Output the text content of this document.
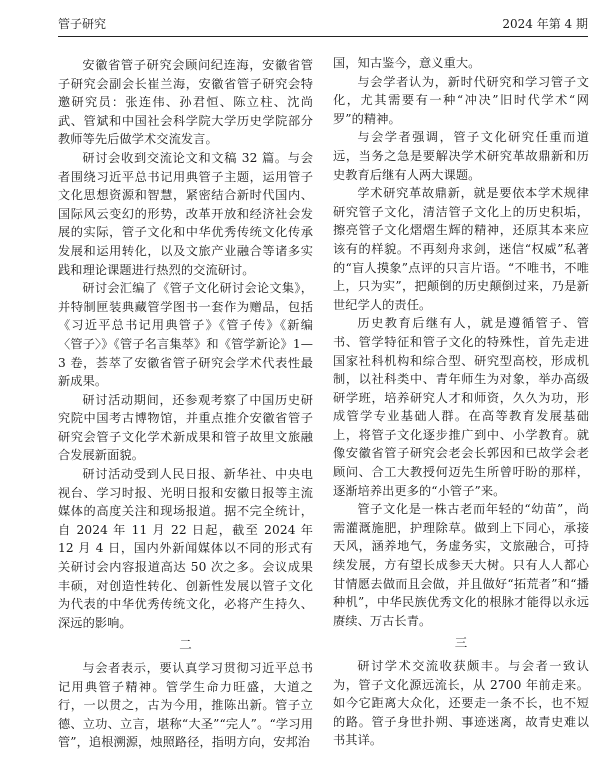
管子研究	2024 年第 4 期

安徽省管子研究会顾问纪连海，安徽省管子研究会副会长崔兰海，安徽省管子研究会特邀研究员：张连伟、孙君恒、陈立柱、沈尚武、管斌和中国社会科学院大学历史学院部分教师等先后做学术交流发言。

研讨会收到交流论文和文稿 32 篇。与会者围绕习近平总书记用典管子主题，运用管子文化思想资源和智慧，紧密结合新时代国内、国际风云变幻的形势，改革开放和经济社会发展的实际，管子文化和中华优秀传统文化传承发展和运用转化，以及文旅产业融合等诸多实践和理论课题进行热烈的交流研讨。

研讨会汇编了《管子文化研讨会论文集》，并特制匣装典藏管学图书一套作为赠品，包括《习近平总书记用典管子》《管子传》《新编〈管子〉》《管子名言集萃》和《管学新论》1—3 卷，荟萃了安徽省管子研究会学术代表性最新成果。

研讨活动期间，还参观考察了中国历史研究院中国考古博物馆，并重点推介安徽省管子研究会管子文化学术新成果和管子故里文旅融合发展新面貌。

研讨活动受到人民日报、新华社、中央电视台、学习时报、光明日报和安徽日报等主流媒体的高度关注和现场报道。据不完全统计，自 2024 年 11 月 22 日起，截至 2024 年 12 月 4 日，国内外新闻媒体以不同的形式有关研讨会内容报道高达 50 次之多。会议成果丰硕，对创造性转化、创新性发展以管子文化为代表的中华优秀传统文化，必将产生持久、深远的影响。

二

与会者表示，要认真学习贯彻习近平总书记用典管子精神。管学生命力旺盛，大道之行，一以贯之，古为今用，推陈出新。管子立德、立功、立言，堪称“大圣”“完人”。“学习用管”，追根溯源，烛照路径，指明方向，安邦治

国，知古鉴今，意义重大。

与会学者认为，新时代研究和学习管子文化，尤其需要有一种“冲决”旧时代学术“网罗”的精神。

与会学者强调，管子文化研究任重而道远，当务之急是要解决学术研究革故鼎新和历史教育后继有人两大课题。

学术研究革故鼎新，就是要依本学术规律研究管子文化，清洁管子文化上的历史积垢，擦亮管子文化熠熠生辉的精神，还原其本来应该有的样貌。不再刻舟求剑，迷信“权威”私著的“盲人摸象”点评的只言片语。“不唯书，不唯上，只为实”，把颠倒的历史颠倒过来，乃是新世纪学人的责任。

历史教育后继有人，就是遵循管子、管书、管学特征和管子文化的特殊性，首先走进国家社科机构和综合型、研究型高校，形成机制，以社科类中、青年师生为对象，举办高级研学班，培养研究人才和师资，久久为功，形成管学专业基础人群。在高等教育发展基础上，将管子文化逐步推广到中、小学教育。就像安徽省管子研究会老会长郭因和已故学会老顾问、合工大教授何迈先生所曾吁盼的那样，逐渐培养出更多的“小管子”来。

管子文化是一株古老而年轻的“幼苗”，尚需灌溉施肥，护理除草。做到上下同心，承接天风，涵养地气，务虚务实，文旅融合，可持续发展，方有望长成参天大树。只有人人都心甘情愿去做而且会做，并且做好“拓荒者”和“播种机”，中华民族优秀文化的根脉才能得以永远赓续、万古长青。

三

研讨学术交流收获颇丰。与会者一致认为，管子文化源远流长，从 2700 年前走来。如今它距离大众化，还要走一条不长，也不短的路。管子身世扑朔、事迹迷离，故青史难以书其详。
